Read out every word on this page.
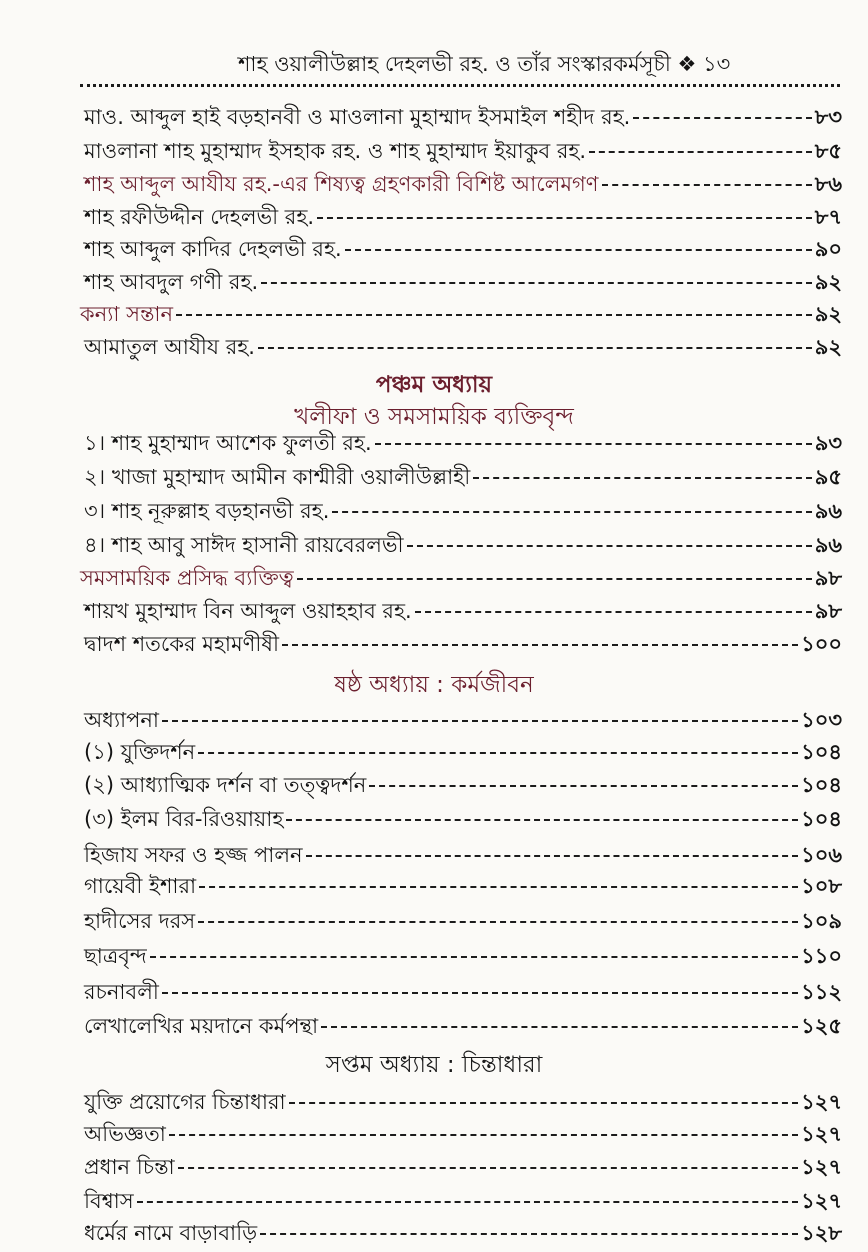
শাহ ওয়ালীউল্লাহ দেহলভী রহ. ও তাঁর সংস্কারকর্মসূচী ❖ ১৩
মাও. আব্দুল হাই বড়হানবী ও মাওলানা মুহাম্মাদ ইসমাইল শহীদ রহ.	৮৩
মাওলানা শাহ মুহাম্মাদ ইসহাক রহ. ও শাহ মুহাম্মাদ ইয়াকুব রহ.	৮৫
শাহ আব্দুল আযীয রহ.-এর শিষ্যত্ব গ্রহণকারী বিশিষ্ট আলেমগণ	৮৬
শাহ রফীউদ্দীন দেহলভী রহ.	৮৭
শাহ আব্দুল কাদির দেহলভী রহ.	৯০
শাহ আবদুল গণী রহ.	৯২
কন্যা সন্তান	৯২
আমাতুল আযীয রহ.	৯২
পঞ্চম অধ্যায়
খলীফা ও সমসাময়িক ব্যক্তিবৃন্দ
১। শাহ মুহাম্মাদ আশেক ফুলতী রহ.	৯৩
২। খাজা মুহাম্মাদ আমীন কাশ্মীরী ওয়ালীউল্লাহী	৯৫
৩। শাহ নূরুল্লাহ বড়হানভী রহ.	৯৬
৪। শাহ আবু সাঈদ হাসানী রায়বেরলভী	৯৬
সমসাময়িক প্রসিদ্ধ ব্যক্তিত্ব	৯৮
শায়খ মুহাম্মাদ বিন আব্দুল ওয়াহহাব রহ.	৯৮
দ্বাদশ শতকের মহামণীষী	১০০
ষষ্ঠ অধ্যায় : কর্মজীবন
অধ্যাপনা	১০৩
(১) যুক্তিদর্শন	১০৪
(২) আধ্যাত্মিক দর্শন বা তত্ত্বদর্শন	১০৪
(৩) ইলম বির-রিওয়ায়াহ	১০৪
হিজায সফর ও হজ্জ পালন	১০৬
গায়েবী ইশারা	১০৮
হাদীসের দরস	১০৯
ছাত্রবৃন্দ	১১০
রচনাবলী	১১২
লেখালেখির ময়দানে কর্মপন্থা	১২৫
সপ্তম অধ্যায় : চিন্তাধারা
যুক্তি প্রয়োগের চিন্তাধারা	১২৭
অভিজ্ঞতা	১২৭
প্রধান চিন্তা	১২৭
বিশ্বাস	১২৭
ধর্মের নামে বাড়াবাড়ি	১২৮
